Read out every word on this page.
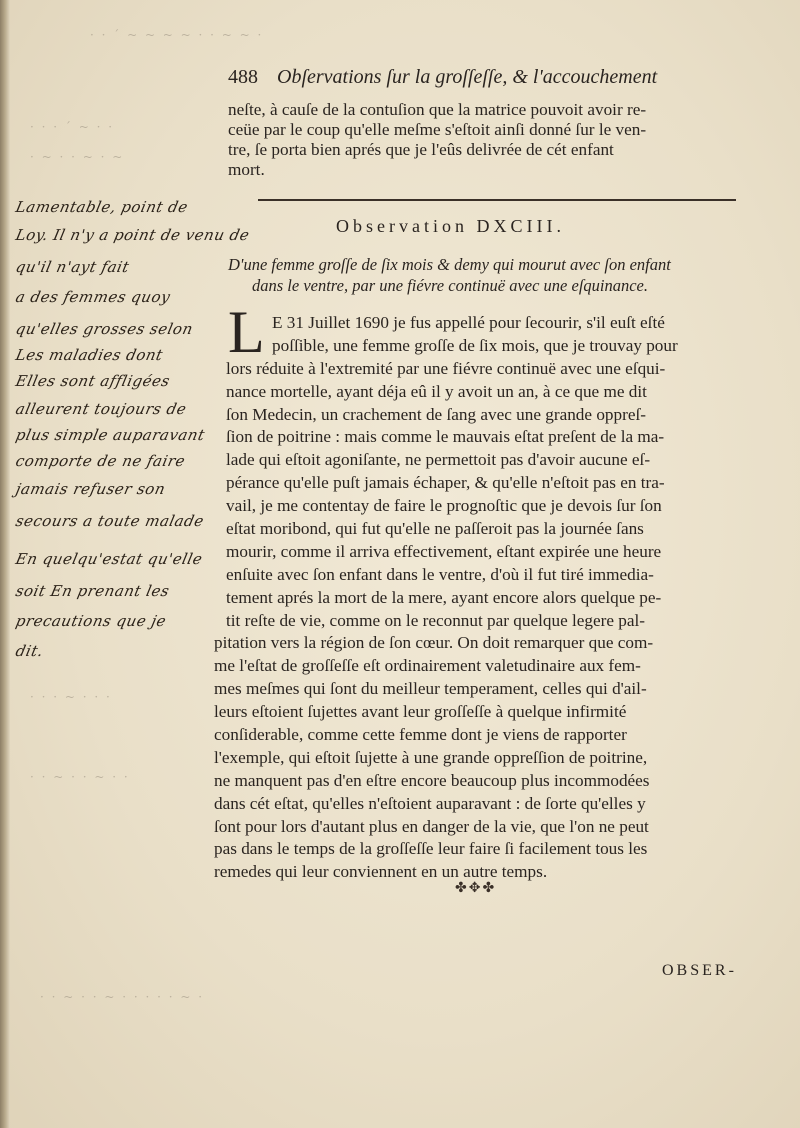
· · ˊ ~ ~ ~ ~ · · ~ ~ ·
· · · ˊ ~ · ·
· ~ · · ~ · ~
· · · ~ · · ·
· · ~ · · ~ · ·
· · ~ · · ~ · · · · · ~ ·
488 Obſervations ſur la groſſeſſe, & l'accouchement
neſte, à cauſe de la contuſion que la matrice pouvoit avoir re-
ceüe par le coup qu'elle meſme s'eſtoit ainſi donné ſur le ven-
tre, ſe porta bien aprés que je l'eûs delivrée de cét enfant
mort.
Observation DXCIII.
D'une femme groſſe de ſix mois & demy qui mourut avec ſon enfant
dans le ventre, par une fiévre continuë avec une eſquinance.
L E 31 Juillet 1690 je fus appellé pour ſecourir, s'il euſt eſté
poſſible, une femme groſſe de ſix mois, que je trouvay pour
lors réduite à l'extremité par une fiévre continuë avec une eſqui-
nance mortelle, ayant déja eû il y avoit un an, à ce que me dit
ſon Medecin, un crachement de ſang avec une grande oppreſ-
ſion de poitrine : mais comme le mauvais eſtat preſent de la ma-
lade qui eſtoit agoniſante, ne permettoit pas d'avoir aucune eſ-
pérance qu'elle puſt jamais échaper, & qu'elle n'eſtoit pas en tra-
vail, je me contentay de faire le prognoſtic que je devois ſur ſon
eſtat moribond, qui fut qu'elle ne paſſeroit pas la journée ſans
mourir, comme il arriva effectivement, eſtant expirée une heure
enſuite avec ſon enfant dans le ventre, d'où il fut tiré immedia-
tement aprés la mort de la mere, ayant encore alors quelque pe-
tit reſte de vie, comme on le reconnut par quelque legere pal-
pitation vers la région de ſon cœur. On doit remarquer que com-
me l'eſtat de groſſeſſe eſt ordinairement valetudinaire aux fem-
mes meſmes qui ſont du meilleur temperament, celles qui d'ail-
leurs eſtoient ſujettes avant leur groſſeſſe à quelque infirmité
conſiderable, comme cette femme dont je viens de rapporter
l'exemple, qui eſtoit ſujette à une grande oppreſſion de poitrine,
ne manquent pas d'en eſtre encore beaucoup plus incommodées
dans cét eſtat, qu'elles n'eſtoient auparavant : de ſorte qu'elles y
ſont pour lors d'autant plus en danger de la vie, que l'on ne peut
pas dans le temps de la groſſeſſe leur faire ſi facilement tous les
remedes qui leur conviennent en un autre temps.
✤✥✤
OBSER-
Lamentable, point de
Loy. Il n'y a point de venu de
qu'il n'ayt fait
a des femmes quoy
qu'elles grosses selon
Les maladies dont
Elles sont affligées
alleurent toujours de
plus simple auparavant
comporte de ne faire
jamais refuser son
secours a toute malade
En quelqu'estat qu'elle
soit En prenant les
precautions que je
dit.
